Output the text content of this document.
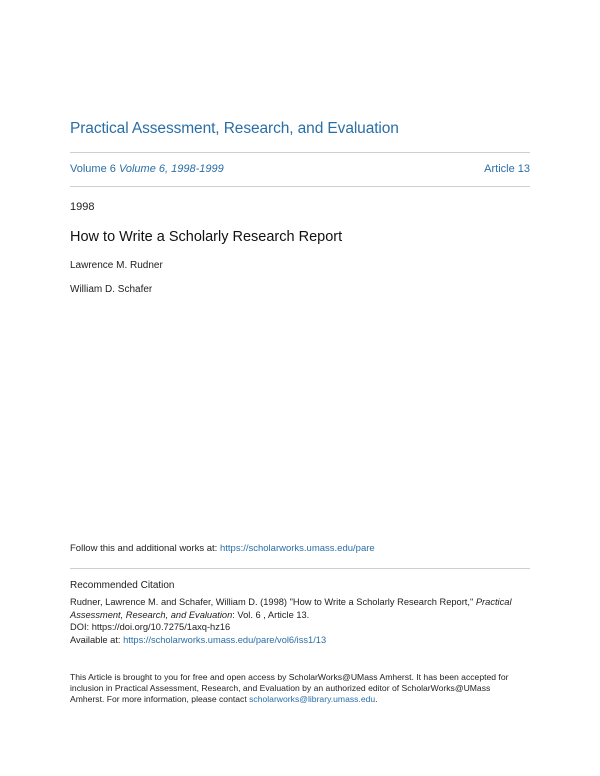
Practical Assessment, Research, and Evaluation
Volume 6 Volume 6, 1998-1999	Article 13
1998
How to Write a Scholarly Research Report
Lawrence M. Rudner
William D. Schafer
Follow this and additional works at: https://scholarworks.umass.edu/pare
Recommended Citation
Rudner, Lawrence M. and Schafer, William D. (1998) "How to Write a Scholarly Research Report," Practical
Assessment, Research, and Evaluation: Vol. 6 , Article 13.
DOI: https://doi.org/10.7275/1axq-hz16
Available at: https://scholarworks.umass.edu/pare/vol6/iss1/13
This Article is brought to you for free and open access by ScholarWorks@UMass Amherst. It has been accepted for
inclusion in Practical Assessment, Research, and Evaluation by an authorized editor of ScholarWorks@UMass
Amherst. For more information, please contact scholarworks@library.umass.edu.
